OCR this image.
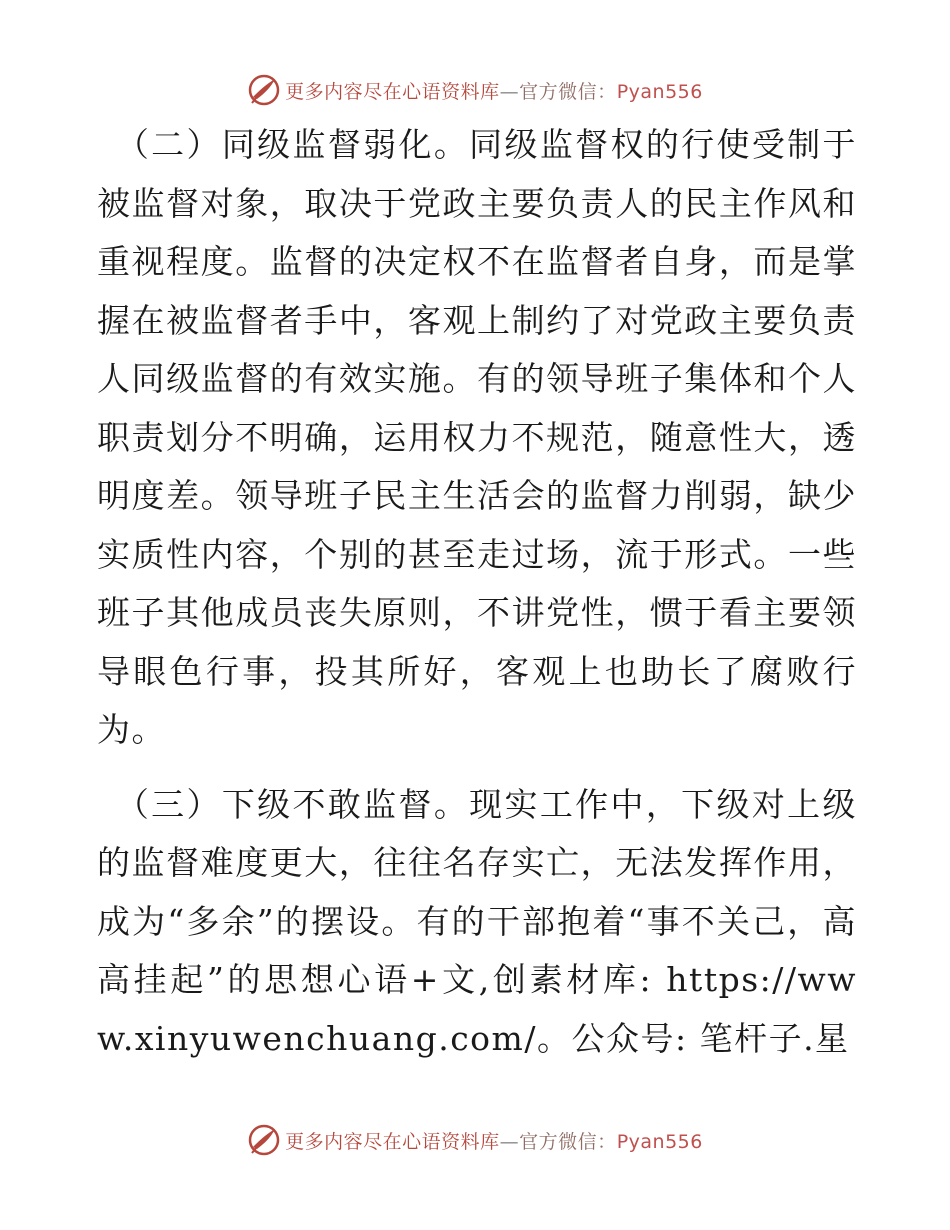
更多内容尽在心语资料库—官方微信：Pyan556

（二）同级监督弱化。同级监督权的行使受制于被监督对象，取决于党政主要负责人的民主作风和重视程度。监督的决定权不在监督者自身，而是掌握在被监督者手中，客观上制约了对党政主要负责人同级监督的有效实施。有的领导班子集体和个人职责划分不明确，运用权力不规范，随意性大，透明度差。领导班子民主生活会的监督力削弱，缺少实质性内容，个别的甚至走过场，流于形式。一些班子其他成员丧失原则，不讲党性，惯于看主要领导眼色行事，投其所好，客观上也助长了腐败行为。

（三）下级不敢监督。现实工作中，下级对上级的监督难度更大，往往名存实亡，无法发挥作用，成为“多余”的摆设。有的干部抱着“事不关己，高高挂起”的思想心语+文,创素材库: https://www.xinyuwenchuang.com/。公众号: 笔杆子.星

更多内容尽在心语资料库—官方微信：Pyan556
